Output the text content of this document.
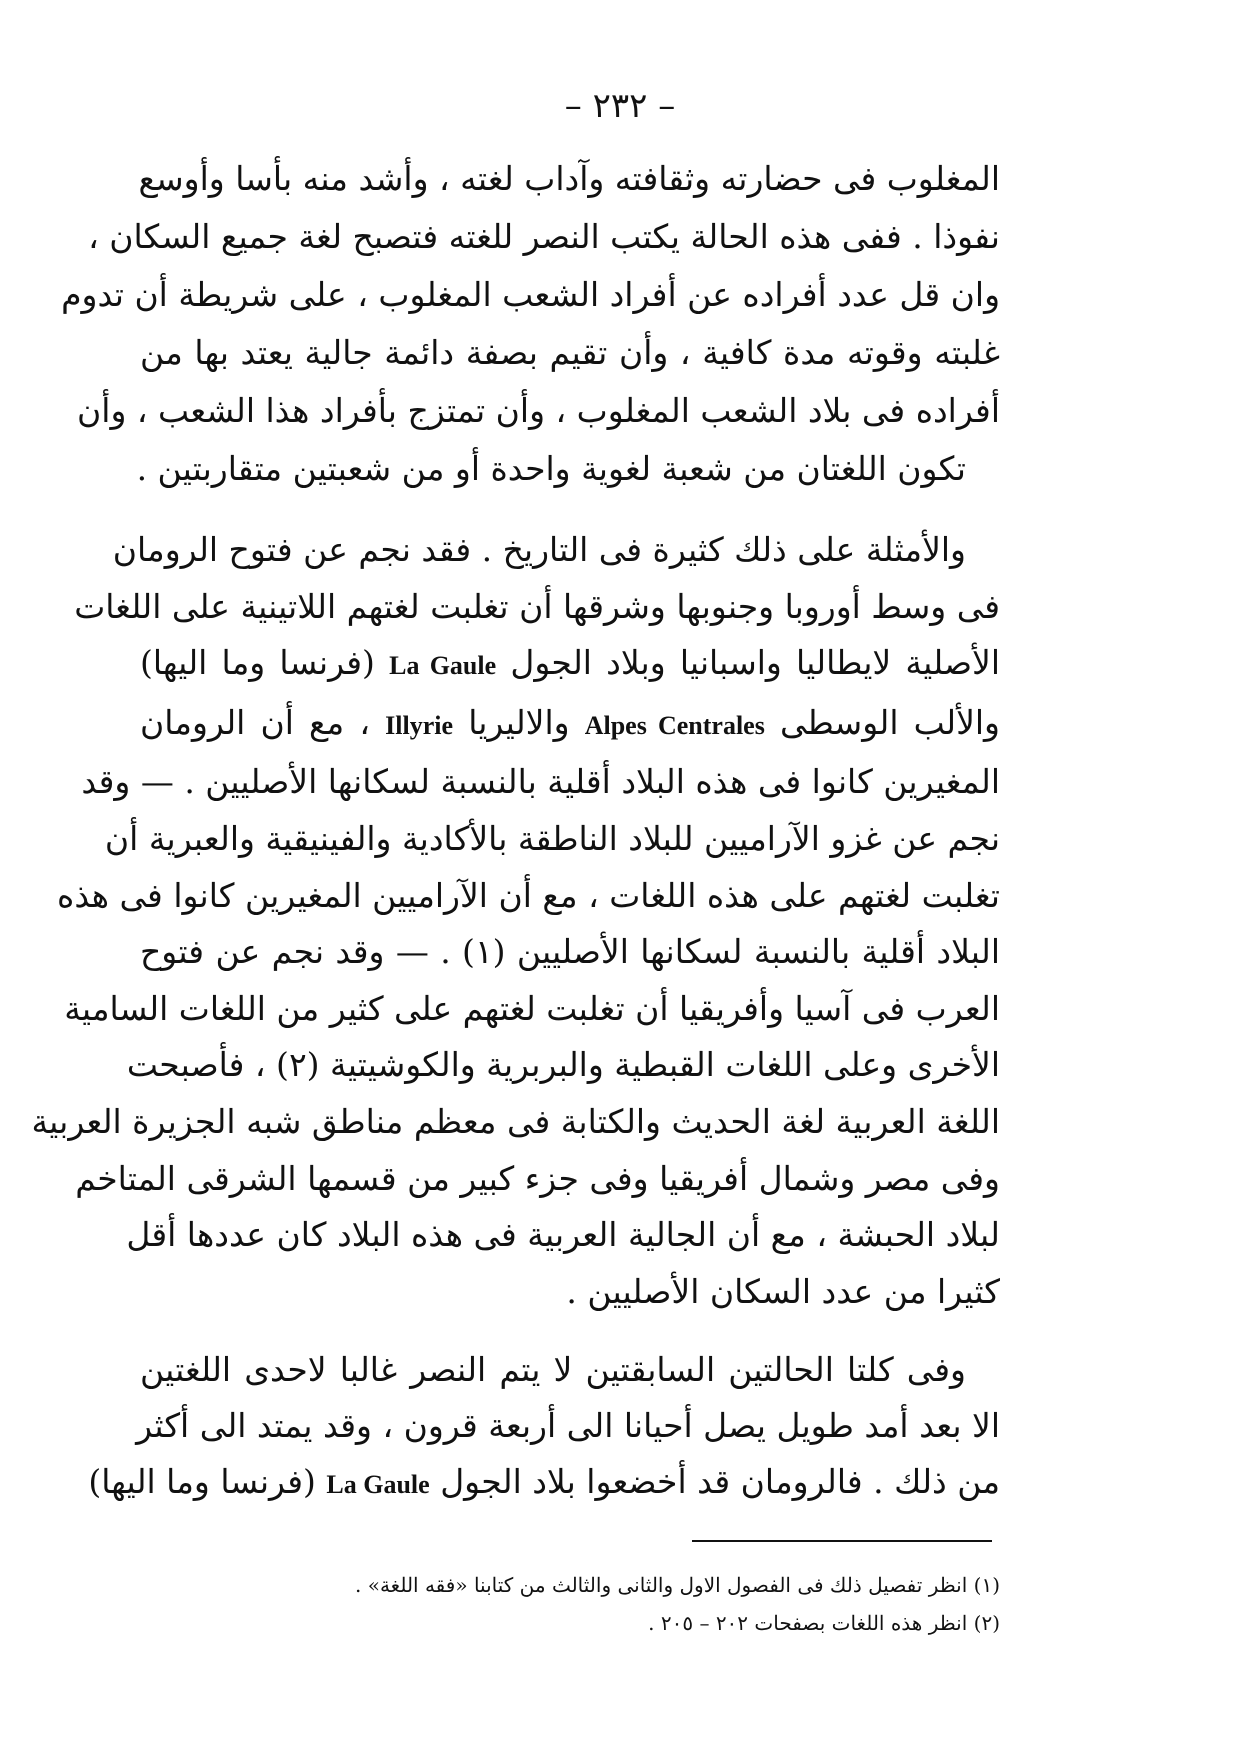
– ٢٣٢ –
المغلوب فى حضارته وثقافته وآداب لغته ، وأشد منه بأسا وأوسع
نفوذا . ففى هذه الحالة يكتب النصر للغته فتصبح لغة جميع السكان ،
وان قل عدد أفراده عن أفراد الشعب المغلوب ، على شريطة أن تدوم
غلبته وقوته مدة كافية ، وأن تقيم بصفة دائمة جالية يعتد بها من
أفراده فى بلاد الشعب المغلوب ، وأن تمتزج بأفراد هذا الشعب ، وأن
تكون اللغتان من شعبة لغوية واحدة أو من شعبتين متقاربتين .
والأمثلة على ذلك كثيرة فى التاريخ . فقد نجم عن فتوح الرومان
فى وسط أوروبا وجنوبها وشرقها أن تغلبت لغتهم اللاتينية على اللغات
الأصلية لايطاليا واسبانيا وبلاد الجول La Gaule (فرنسا وما اليها)
والألب الوسطى Alpes Centrales والاليريا Illyrie ، مع أن الرومان
المغيرين كانوا فى هذه البلاد أقلية بالنسبة لسكانها الأصليين . — وقد
نجم عن غزو الآراميين للبلاد الناطقة بالأكادية والفينيقية والعبرية أن
تغلبت لغتهم على هذه اللغات ، مع أن الآراميين المغيرين كانوا فى هذه
البلاد أقلية بالنسبة لسكانها الأصليين (١) . — وقد نجم عن فتوح
العرب فى آسيا وأفريقيا أن تغلبت لغتهم على كثير من اللغات السامية
الأخرى وعلى اللغات القبطية والبربرية والكوشيتية (٢) ، فأصبحت
اللغة العربية لغة الحديث والكتابة فى معظم مناطق شبه الجزيرة العربية
وفى مصر وشمال أفريقيا وفى جزء كبير من قسمها الشرقى المتاخم
لبلاد الحبشة ، مع أن الجالية العربية فى هذه البلاد كان عددها أقل
كثيرا من عدد السكان الأصليين .
وفى كلتا الحالتين السابقتين لا يتم النصر غالبا لاحدى اللغتين
الا بعد أمد طويل يصل أحيانا الى أربعة قرون ، وقد يمتد الى أكثر
من ذلك . فالرومان قد أخضعوا بلاد الجول La Gaule (فرنسا وما اليها)
(١) انظر تفصيل ذلك فى الفصول الاول والثانى والثالث من كتابنا «فقه اللغة» .
(٢) انظر هذه اللغات بصفحات ٢٠٢ – ٢٠٥ .
